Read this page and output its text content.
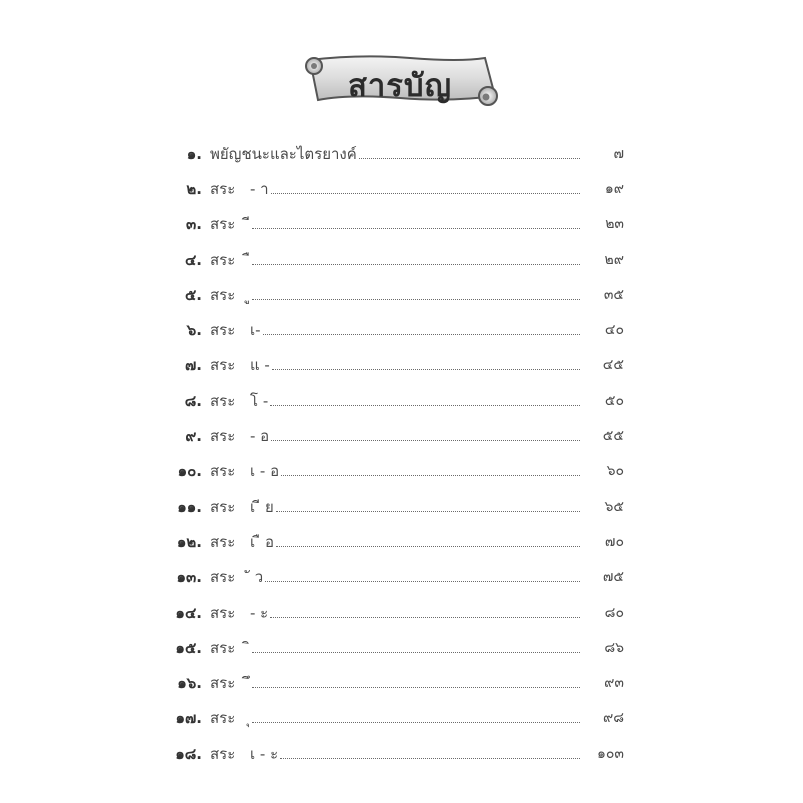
สารบัญ
๑. พยัญชนะและไตรยางค์	๗
๒. สระ - า	๑๙
๓. สระ	๒๓
๔. สระ	๒๙
๕. สระ	๓๕
๖. สระ เ-	๔๐
๗. สระ แ -	๔๕
๘. สระ โ -	๕๐
๙. สระ - อ	๕๕
๑๐. สระ เ - อ	๖๐
๑๑. สระ เ ี ย	๖๕
๑๒. สระ เ ื อ	๗๐
๑๓. สระ ั ว	๗๕
๑๔. สระ - ะ	๘๐
๑๕. สระ	๘๖
๑๖. สระ	๙๓
๑๗. สระ	๙๘
๑๘. สระ เ - ะ	๑๐๓
